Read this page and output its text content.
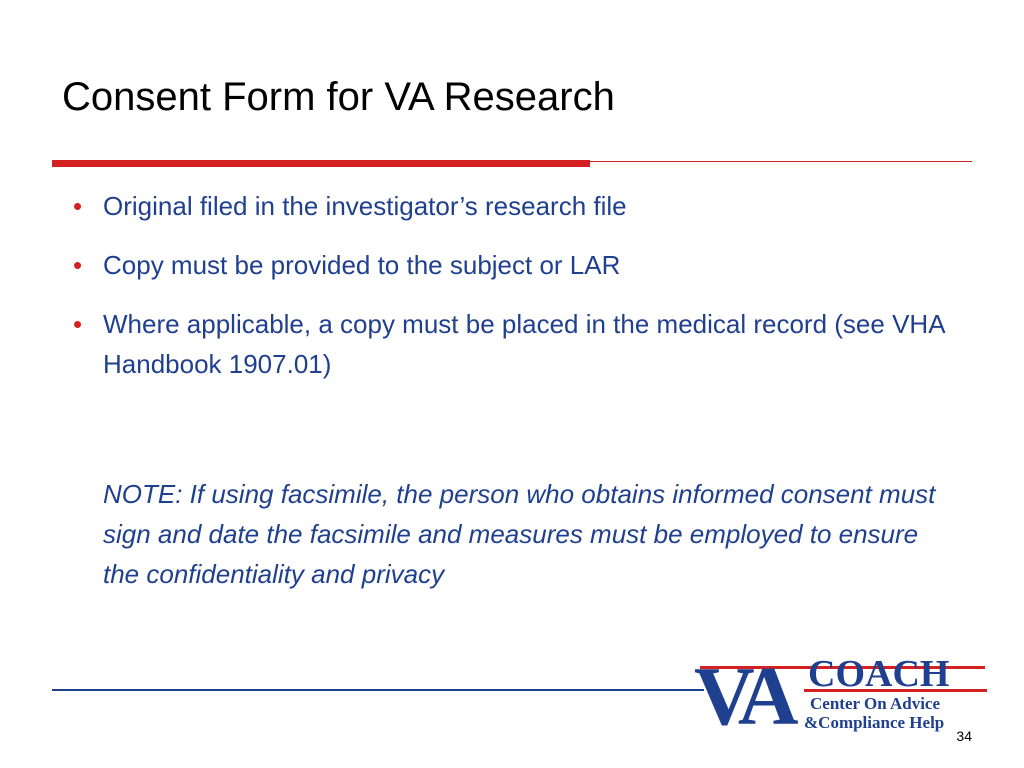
Consent Form for VA Research
• Original filed in the investigator’s research file
• Copy must be provided to the subject or LAR
• Where applicable, a copy must be placed in the medical record (see VHA Handbook 1907.01)

NOTE: If using facsimile, the person who obtains informed consent must sign and date the facsimile and measures must be employed to ensure the confidentiality and privacy

VA COACH
Center On Advice
&Compliance Help
34
